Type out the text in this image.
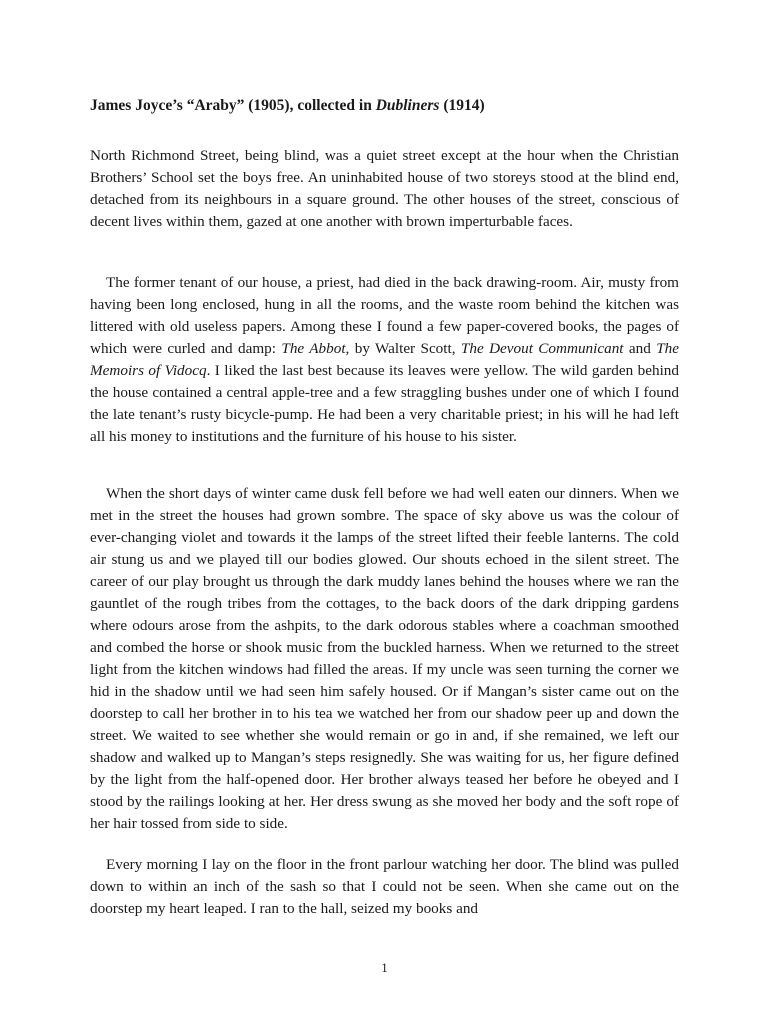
James Joyce’s “Araby” (1905), collected in Dubliners (1914)

North Richmond Street, being blind, was a quiet street except at the hour when the Christian Brothers’ School set the boys free. An uninhabited house of two storeys stood at the blind end, detached from its neighbours in a square ground. The other houses of the street, conscious of decent lives within them, gazed at one another with brown imperturbable faces.

The former tenant of our house, a priest, had died in the back drawing-room. Air, musty from having been long enclosed, hung in all the rooms, and the waste room behind the kitchen was littered with old useless papers. Among these I found a few paper-covered books, the pages of which were curled and damp: The Abbot, by Walter Scott, The Devout Communicant and The Memoirs of Vidocq. I liked the last best because its leaves were yellow. The wild garden behind the house contained a central apple-tree and a few straggling bushes under one of which I found the late tenant’s rusty bicycle-pump. He had been a very charitable priest; in his will he had left all his money to institutions and the furniture of his house to his sister.

When the short days of winter came dusk fell before we had well eaten our dinners. When we met in the street the houses had grown sombre. The space of sky above us was the colour of ever-changing violet and towards it the lamps of the street lifted their feeble lanterns. The cold air stung us and we played till our bodies glowed. Our shouts echoed in the silent street. The career of our play brought us through the dark muddy lanes behind the houses where we ran the gauntlet of the rough tribes from the cottages, to the back doors of the dark dripping gardens where odours arose from the ashpits, to the dark odorous stables where a coachman smoothed and combed the horse or shook music from the buckled harness. When we returned to the street light from the kitchen windows had filled the areas. If my uncle was seen turning the corner we hid in the shadow until we had seen him safely housed. Or if Mangan’s sister came out on the doorstep to call her brother in to his tea we watched her from our shadow peer up and down the street. We waited to see whether she would remain or go in and, if she remained, we left our shadow and walked up to Mangan’s steps resignedly. She was waiting for us, her figure defined by the light from the half-opened door. Her brother always teased her before he obeyed and I stood by the railings looking at her. Her dress swung as she moved her body and the soft rope of her hair tossed from side to side.

Every morning I lay on the floor in the front parlour watching her door. The blind was pulled down to within an inch of the sash so that I could not be seen. When she came out on the doorstep my heart leaped. I ran to the hall, seized my books and

1
